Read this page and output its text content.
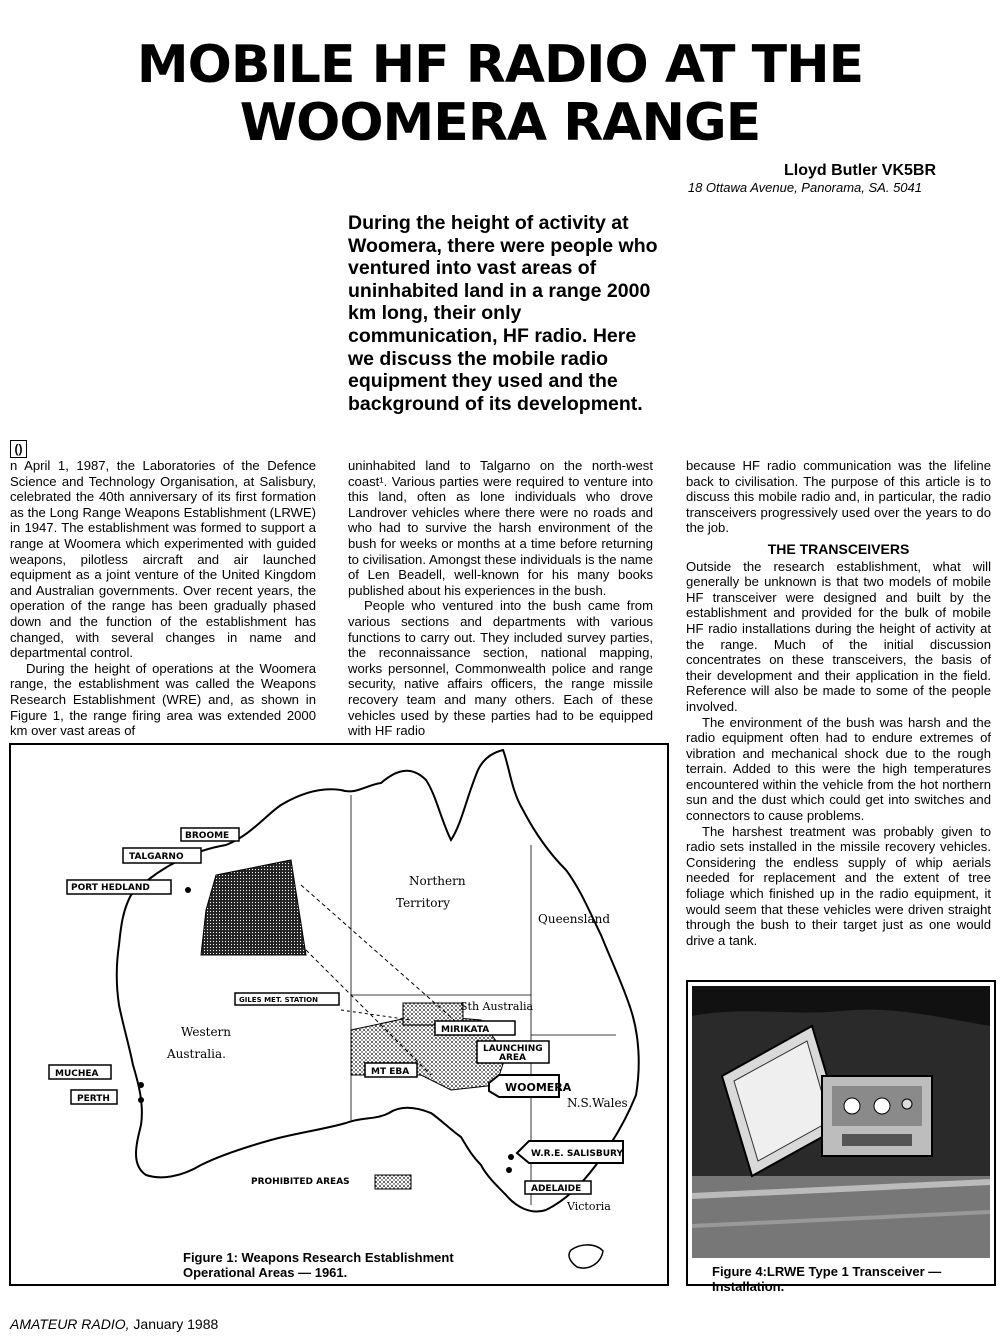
MOBILE HF RADIO AT THE
WOOMERA RANGE
Lloyd Butler VK5BR
18 Ottawa Avenue, Panorama, SA. 5041
During the height of activity at Woomera, there were people who ventured into vast areas of uninhabited land in a range 2000 km long, their only communication, HF radio. Here we discuss the mobile radio equipment they used and the background of its development.
()

n April 1, 1987, the Laboratories of the Defence Science and Technology Organisation, at Salisbury, celebrated the 40th anniversary of its first formation as the Long Range Weapons Establishment (LRWE) in 1947. The establishment was formed to support a range at Woomera which experimented with guided weapons, pilotless aircraft and air launched equipment as a joint venture of the United Kingdom and Australian governments. Over recent years, the operation of the range has been gradually phased down and the function of the establishment has changed, with several changes in name and departmental control.

During the height of operations at the Woomera range, the establishment was called the Weapons Research Establishment (WRE) and, as shown in Figure 1, the range firing area was extended 2000 km over vast areas of

uninhabited land to Talgarno on the north-west coast¹. Various parties were required to venture into this land, often as lone individuals who drove Landrover vehicles where there were no roads and who had to survive the harsh environment of the bush for weeks or months at a time before returning to civilisation. Amongst these individuals is the name of Len Beadell, well-known for his many books published about his experiences in the bush.

People who ventured into the bush came from various sections and departments with various functions to carry out. They included survey parties, the reconnaissance section, national mapping, works personnel, Commonwealth police and range security, native affairs officers, the range missile recovery team and many others. Each of these vehicles used by these parties had to be equipped with HF radio

because HF radio communication was the lifeline back to civilisation. The purpose of this article is to discuss this mobile radio and, in particular, the radio transceivers progressively used over the years to do the job.

THE TRANSCEIVERS

Outside the research establishment, what will generally be unknown is that two models of mobile HF transceiver were designed and built by the establishment and provided for the bulk of mobile HF radio installations during the height of activity at the range. Much of the initial discussion concentrates on these transceivers, the basis of their development and their application in the field. Reference will also be made to some of the people involved.

The environment of the bush was harsh and the radio equipment often had to endure extremes of vibration and mechanical shock due to the rough terrain. Added to this were the high temperatures encountered within the vehicle from the hot northern sun and the dust which could get into switches and connectors to cause problems.

The harshest treatment was probably given to radio sets installed in the missile recovery vehicles. Considering the endless supply of whip aerials needed for replacement and the extent of tree foliage which finished up in the radio equipment, it would seem that these vehicles were driven straight through the bush to their target just as one would drive a tank.

BROOME
TALGARNO
PORT HEDLAND
GILES MET. STATION
MIRIKATA
LAUNCHING
AREA
MT EBA
WOOMERA
MUCHEA
PERTH
W.R.E. SALISBURY
ADELAIDE
PROHIBITED AREAS
Northern
Territory
Queensland
Sth Australia
Western
Australia.
N.S.Wales
Victoria
Figure 1: Weapons Research Establishment
Operational Areas — 1961.	Figure 4:LRWE Type 1 Transceiver —
Installation.
AMATEUR RADIO, January 1988
